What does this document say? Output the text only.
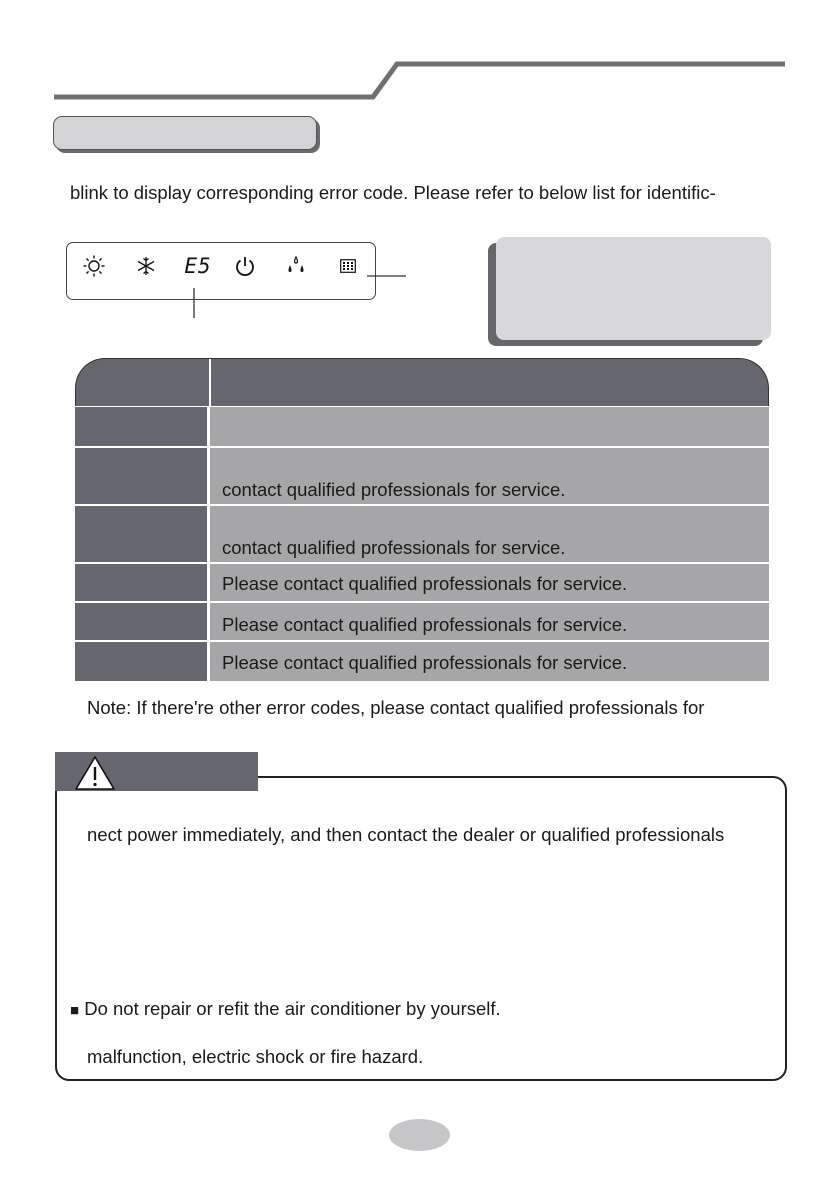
blink to display corresponding error code. Please refer to below list for identific-
E5
contact qualified professionals for service.
contact qualified professionals for service.
Please contact qualified professionals for service.
Please contact qualified professionals for service.
Please contact qualified professionals for service.
Note: If there're other error codes, please contact qualified professionals for
nect power immediately, and then contact the dealer or qualified professionals
■ Do not repair or refit the air conditioner by yourself.
malfunction, electric shock or fire hazard.
